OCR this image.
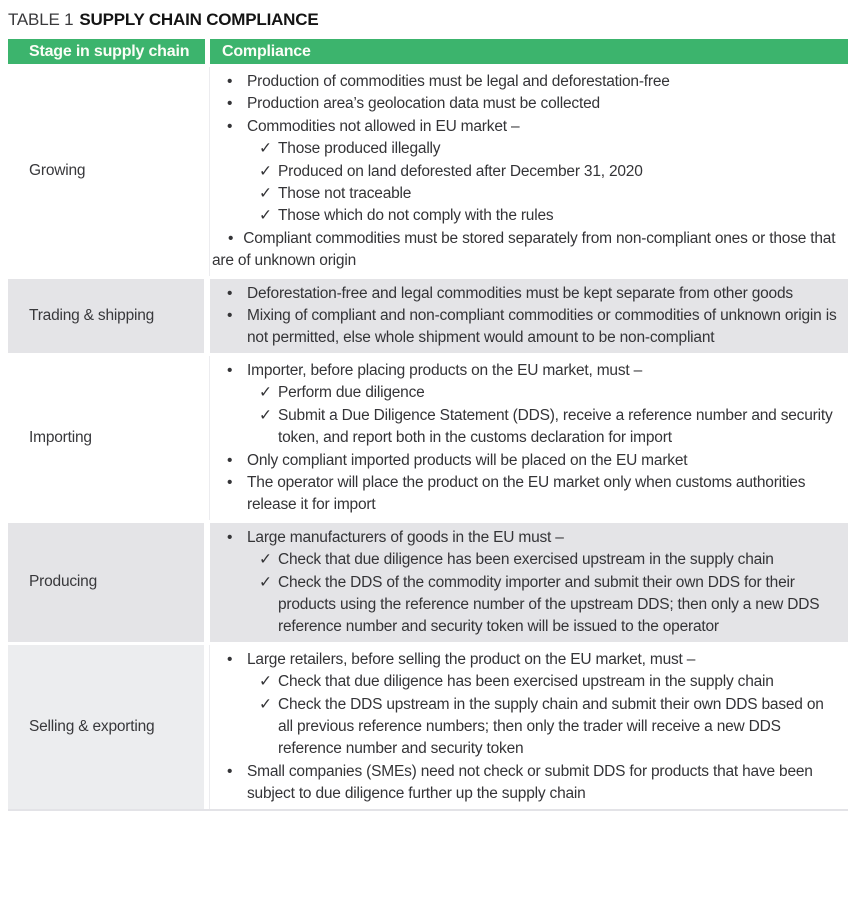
TABLE 1 SUPPLY CHAIN COMPLIANCE
Stage in supply chain	Compliance
Growing
• Production of commodities must be legal and deforestation-free
• Production area’s geolocation data must be collected
• Commodities not allowed in EU market –
✓ Those produced illegally
✓ Produced on land deforested after December 31, 2020
✓ Those not traceable
✓ Those which do not comply with the rules
• Compliant commodities must be stored separately from non-compliant ones or those that are of unknown origin
Trading & shipping
• Deforestation-free and legal commodities must be kept separate from other goods
• Mixing of compliant and non-compliant commodities or commodities of unknown origin is not permitted, else whole shipment would amount to be non-compliant
Importing
• Importer, before placing products on the EU market, must –
✓ Perform due diligence
✓ Submit a Due Diligence Statement (DDS), receive a reference number and security token, and report both in the customs declaration for import
• Only compliant imported products will be placed on the EU market
• The operator will place the product on the EU market only when customs authorities release it for import
Producing
• Large manufacturers of goods in the EU must –
✓ Check that due diligence has been exercised upstream in the supply chain
✓ Check the DDS of the commodity importer and submit their own DDS for their products using the reference number of the upstream DDS; then only a new DDS reference number and security token will be issued to the operator
Selling & exporting
• Large retailers, before selling the product on the EU market, must –
✓ Check that due diligence has been exercised upstream in the supply chain
✓ Check the DDS upstream in the supply chain and submit their own DDS based on all previous reference numbers; then only the trader will receive a new DDS reference number and security token
• Small companies (SMEs) need not check or submit DDS for products that have been subject to due diligence further up the supply chain
